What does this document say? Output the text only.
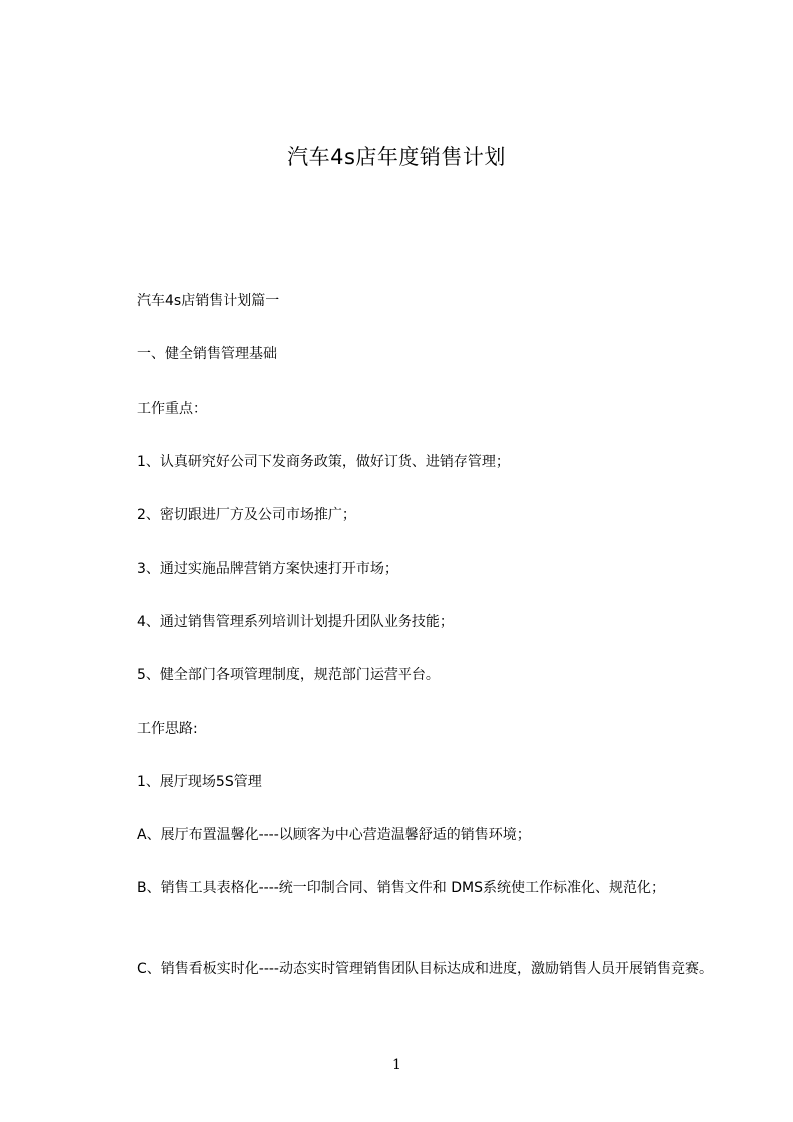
汽车4s店年度销售计划
汽车4s店销售计划篇一
一、健全销售管理基础
工作重点：
1、认真研究好公司下发商务政策，做好订货、进销存管理；
2、密切跟进厂方及公司市场推广；
3、通过实施品牌营销方案快速打开市场；
4、通过销售管理系列培训计划提升团队业务技能；
5、健全部门各项管理制度，规范部门运营平台。
工作思路:
1、展厅现场5S管理
A、展厅布置温馨化----以顾客为中心营造温馨舒适的销售环境；
B、销售工具表格化----统一印制合同、销售文件和 DMS系统使工作标准化、规范化；
C、销售看板实时化----动态实时管理销售团队目标达成和进度，激励销售人员开展销售竞赛。
1
